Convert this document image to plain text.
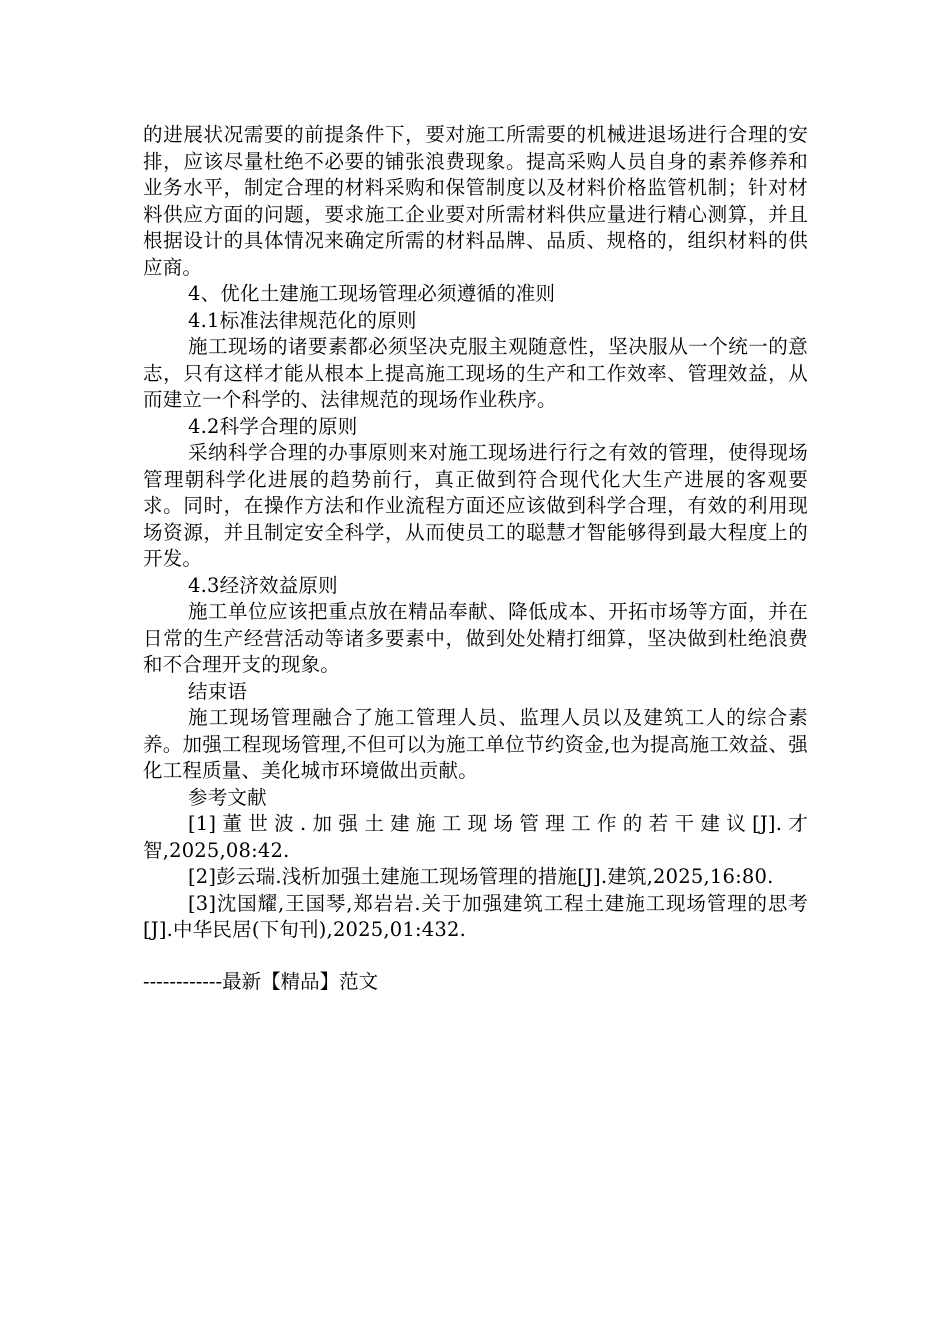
的进展状况需要的前提条件下，要对施工所需要的机械进退场进行合理的安排，应该尽量杜绝不必要的铺张浪费现象。提高采购人员自身的素养修养和业务水平，制定合理的材料采购和保管制度以及材料价格监管机制；针对材料供应方面的问题，要求施工企业要对所需材料供应量进行精心测算，并且根据设计的具体情况来确定所需的材料品牌、品质、规格的，组织材料的供应商。

4、优化土建施工现场管理必须遵循的准则

4.1标准法律规范化的原则

施工现场的诸要素都必须坚决克服主观随意性，坚决服从一个统一的意志，只有这样才能从根本上提高施工现场的生产和工作效率、管理效益，从而建立一个科学的、法律规范的现场作业秩序。

4.2科学合理的原则

采纳科学合理的办事原则来对施工现场进行行之有效的管理，使得现场管理朝科学化进展的趋势前行，真正做到符合现代化大生产进展的客观要求。同时，在操作方法和作业流程方面还应该做到科学合理，有效的利用现场资源，并且制定安全科学，从而使员工的聪慧才智能够得到最大程度上的开发。

4.3经济效益原则

施工单位应该把重点放在精品奉献、降低成本、开拓市场等方面，并在日常的生产经营活动等诸多要素中，做到处处精打细算，坚决做到杜绝浪费和不合理开支的现象。

结束语

施工现场管理融合了施工管理人员、监理人员以及建筑工人的综合素养。加强工程现场管理,不但可以为施工单位节约资金,也为提高施工效益、强化工程质量、美化城市环境做出贡献。

参考文献

[1]董世波.加强土建施工现场管理工作的若干建议[J].才智,2025,08:42.

[2]彭云瑞.浅析加强土建施工现场管理的措施[J].建筑,2025,16:80.

[3]沈国耀,王国琴,郑岩岩.关于加强建筑工程土建施工现场管理的思考[J].中华民居(下旬刊),2025,01:432.

------------最新【精品】范文
